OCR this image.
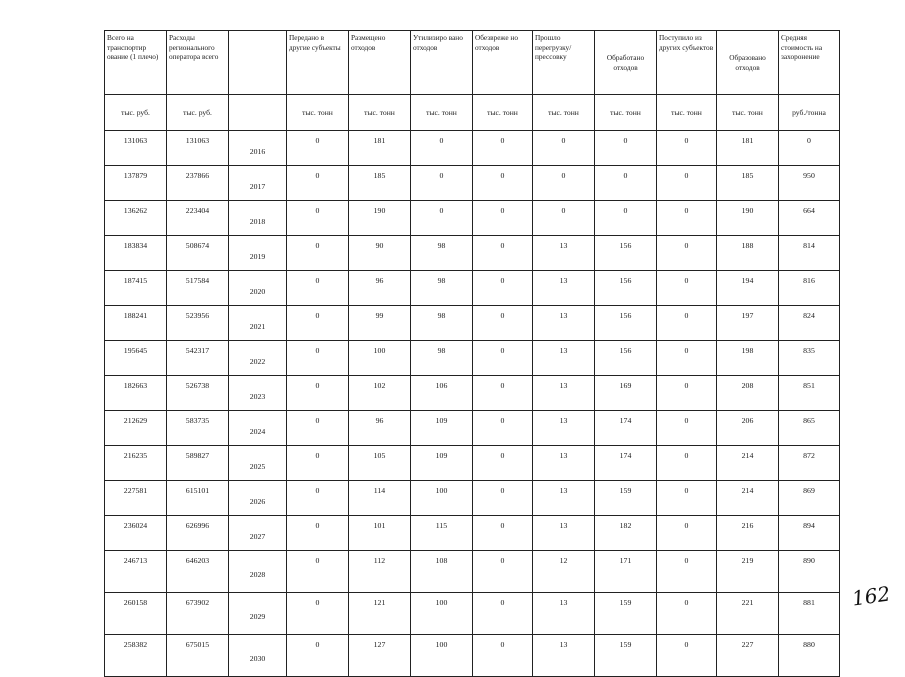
Всего на транспортир ование (1 плечо)	Расходы регионального оператора всего		Передано в другие субъекты	Размещено отходов	Утилизиро вано отходов	Обезвреже но отходов	Прошло перегрузку/ прессовку	Обработано отходов	Поступило из других субъектов	Образовано отходов	Средняя стоимость на захоронение
тыс. руб.	тыс. руб.		тыс. тонн	тыс. тонн	тыс. тонн	тыс. тонн	тыс. тонн	тыс. тонн	тыс. тонн	тыс. тонн	руб./тонна
131063	131063	2016	0	181	0	0	0	0	0	181	0
137879	237866	2017	0	185	0	0	0	0	0	185	950
136262	223404	2018	0	190	0	0	0	0	0	190	664
183834	508674	2019	0	90	98	0	13	156	0	188	814
187415	517584	2020	0	96	98	0	13	156	0	194	816
188241	523956	2021	0	99	98	0	13	156	0	197	824
195645	542317	2022	0	100	98	0	13	156	0	198	835
182663	526738	2023	0	102	106	0	13	169	0	208	851
212629	583735	2024	0	96	109	0	13	174	0	206	865
216235	589827	2025	0	105	109	0	13	174	0	214	872
227581	615101	2026	0	114	100	0	13	159	0	214	869
236024	626996	2027	0	101	115	0	13	182	0	216	894
246713	646203	2028	0	112	108	0	12	171	0	219	890
260158	673902	2029	0	121	100	0	13	159	0	221	881
258382	675015	2030	0	127	100	0	13	159	0	227	880
162
